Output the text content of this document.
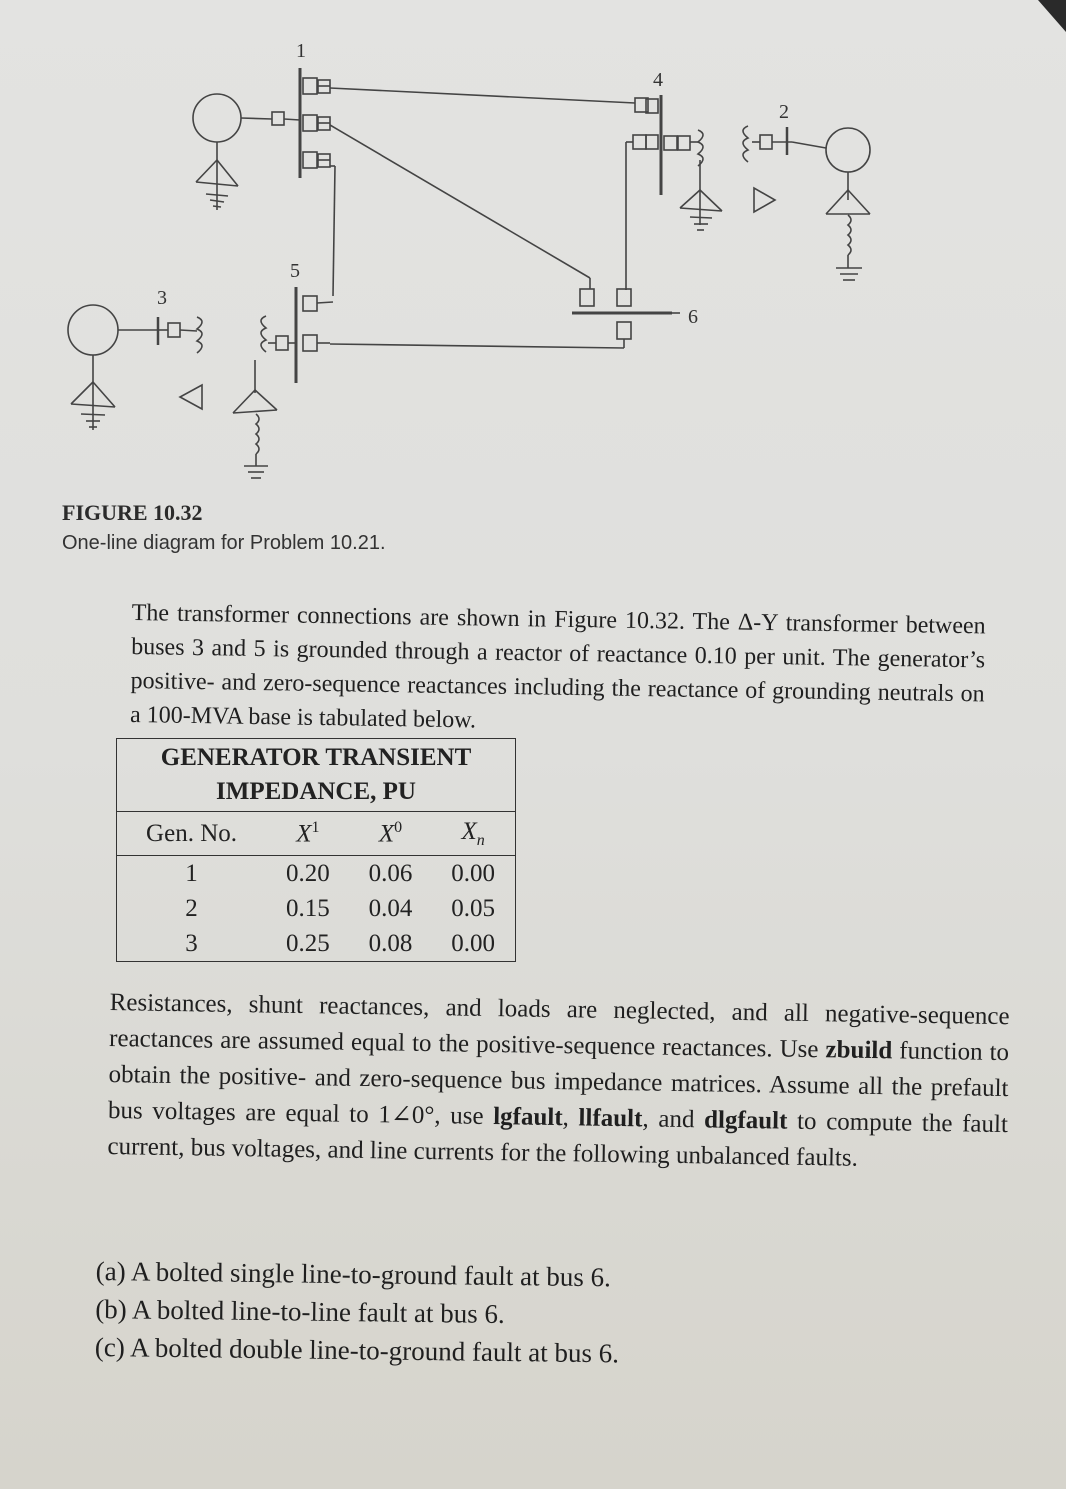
1
4
2
5
3
6
FIGURE 10.32
One-line diagram for Problem 10.21.
The transformer connections are shown in Figure 10.32. The Δ-Y transformer between buses 3 and 5 is grounded through a reactor of reactance 0.10 per unit. The generator’s positive- and zero-sequence reactances including the reactance of grounding neutrals on a 100-MVA base is tabulated below.
GENERATOR TRANSIENT
IMPEDANCE, PU			

Gen. No.	$X^1$	$X^0$	$X_n$
1	0.20	0.06	0.00
2	0.15	0.04	0.05
3	0.25	0.08	0.00
Resistances, shunt reactances, and loads are neglected, and all negative-sequence reactances are assumed equal to the positive-sequence reactances. Use zbuild function to obtain the positive- and zero-sequence bus impedance matrices. Assume all the prefault bus voltages are equal to 1∠0°, use lgfault, llfault, and dlgfault to compute the fault current, bus voltages, and line currents for the following unbalanced faults.
(a) A bolted single line-to-ground fault at bus 6.
(b) A bolted line-to-line fault at bus 6.
(c) A bolted double line-to-ground fault at bus 6.
